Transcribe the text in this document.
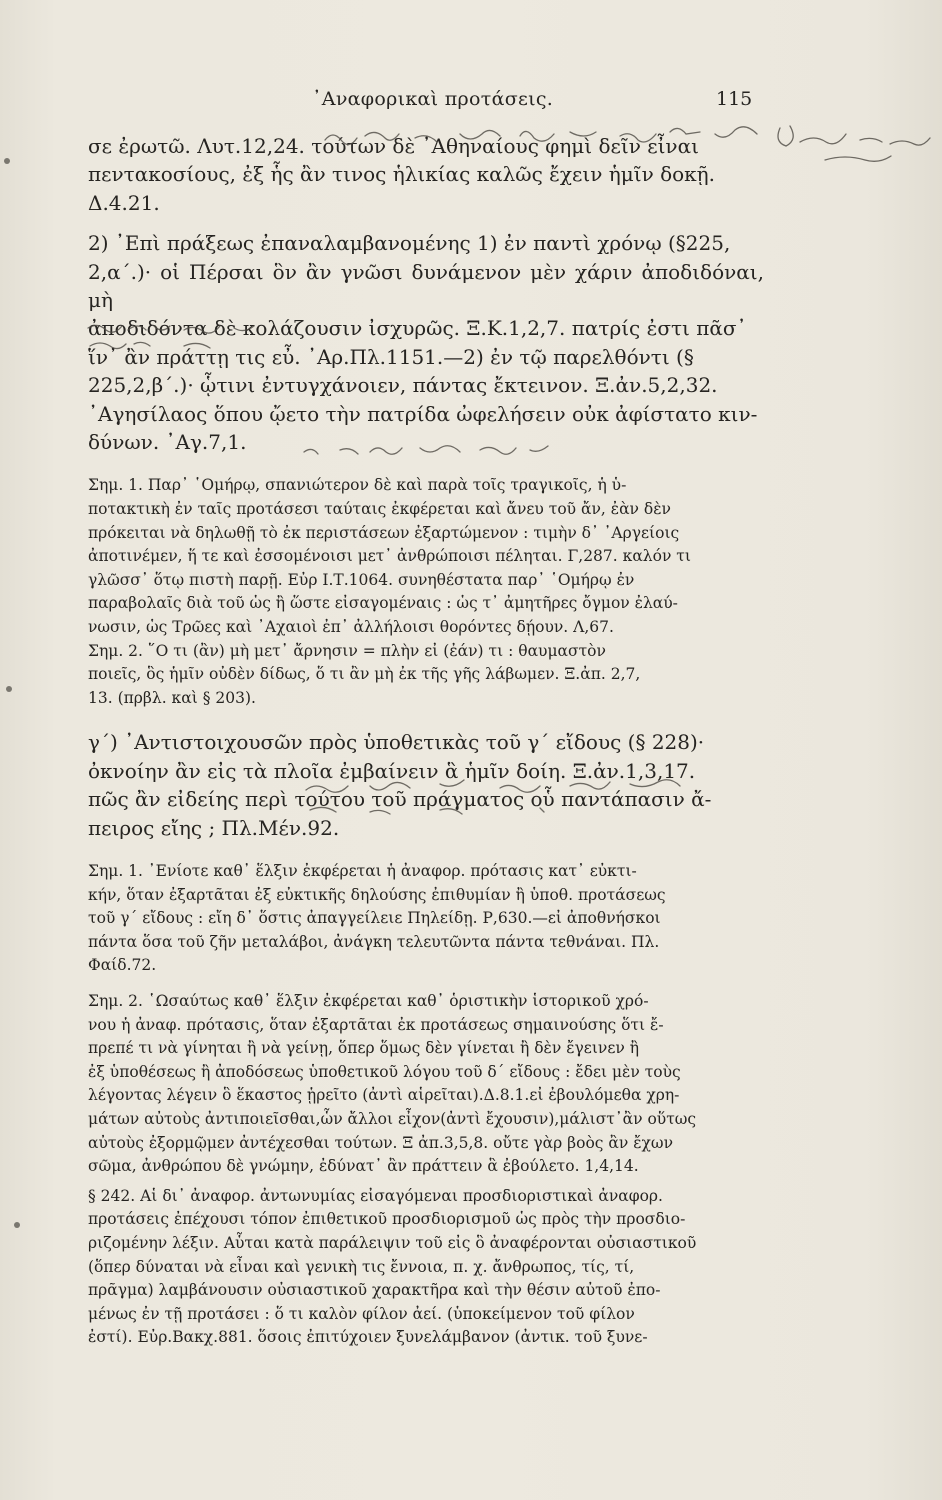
᾿Αναφορικαὶ προτάσεις.	115

σε ἐρωτῶ. Λυτ.12,24. τούτων δὲ ᾿Αθηναίους φημὶ δεῖν εἶναι
πεντακοσίους, ἐξ ἧς ἂν τινος ἡλικίας καλῶς ἔχειν ἡμῖν δοκῇ.
Δ.4.21.

2) ᾿Επὶ πράξεως ἐπαναλαμβανομένης 1) ἐν παντὶ χρόνῳ (§225,
2,α΄.)· οἱ Πέρσαι ὃν ἂν γνῶσι δυνάμενον μὲν χάριν ἀποδιδόναι, μὴ
ἀποδιδόντα δὲ κολάζουσιν ἰσχυρῶς. Ξ.Κ.1,2,7. πατρίς ἐστι πᾶσ᾿
ἵν᾿ ἂν πράττῃ τις εὖ. ᾿Αρ.Πλ.1151.—2) ἐν τῷ παρελθόντι (§
225,2,β΄.)· ᾧτινι ἐντυγχάνοιεν, πάντας ἔκτεινον. Ξ.ἀν.5,2,32.
᾿Αγησίλαος ὅπου ᾤετο τὴν πατρίδα ὠφελήσειν οὐκ ἀφίστατο κιν-
δύνων. ᾿Αγ.7,1.

Σημ. 1. Παρ᾿ ῾Ομήρῳ, σπανιώτερον δὲ καὶ παρὰ τοῖς τραγικοῖς, ἡ ὑ-
ποτακτικὴ ἐν ταῖς προτάσεσι ταύταις ἐκφέρεται καὶ ἄνευ τοῦ ἄν, ἐὰν δὲν
πρόκειται νὰ δηλωθῇ τὸ ἐκ περιστάσεων ἐξαρτώμενον : τιμὴν δ᾿ ᾿Αργείοις
ἀποτινέμεν, ἥ τε καὶ ἐσσομένοισι μετ᾿ ἀνθρώποισι πέληται. Γ,287. καλόν τι
γλῶσσ᾿ ὅτῳ πιστὴ παρῇ. Εὐρ Ι.Τ.1064. συνηθέστατα παρ᾿ ῾Ομήρῳ ἐν
παραβολαῖς διὰ τοῦ ὡς ἢ ὥστε εἰσαγομέναις : ὡς τ᾿ ἀμητῆρες ὄγμον ἐλαύ-
νωσιν, ὡς Τρῶες καὶ ᾿Αχαιοὶ ἐπ᾿ ἀλλήλοισι θορόντες δῄουν. Λ,67.

Σημ. 2. ῞Ο τι (ἂν) μὴ μετ᾿ ἄρνησιν = πλὴν εἰ (ἐάν) τι : θαυμαστὸν
ποιεῖς, ὃς ἡμῖν οὐδὲν δίδως, ὅ τι ἂν μὴ ἐκ τῆς γῆς λάβωμεν. Ξ.ἀπ. 2,7,
13. (πρβλ. καὶ § 203).

γ΄) ᾿Αντιστοιχουσῶν πρὸς ὑποθετικὰς τοῦ γ΄ εἴδους (§ 228)·
ὀκνοίην ἂν εἰς τὰ πλοῖα ἐμβαίνειν ἃ ἡμῖν δοίη. Ξ.ἀν.1,3,17.
πῶς ἂν εἰδείης περὶ τούτου τοῦ πράγματος οὗ παντάπασιν ἄ-
πειρος εἴης ; Πλ.Μέν.92.

Σημ. 1. ᾿Ενίοτε καθ᾿ ἕλξιν ἐκφέρεται ἡ ἀναφορ. πρότασις κατ᾿ εὐκτι-
κήν, ὅταν ἐξαρτᾶται ἐξ εὐκτικῆς δηλούσης ἐπιθυμίαν ἢ ὑποθ. προτάσεως
τοῦ γ΄ εἴδους : εἴη δ᾿ ὅστις ἀπαγγείλειε Πηλείδῃ. Ρ,630.—εἰ ἀποθνήσκοι
πάντα ὅσα τοῦ ζῆν μεταλάβοι, ἀνάγκη τελευτῶντα πάντα τεθνάναι. Πλ.
Φαίδ.72.

Σημ. 2. ῾Ωσαύτως καθ᾿ ἕλξιν ἐκφέρεται καθ᾿ ὁριστικὴν ἱστορικοῦ χρό-
νου ἡ ἀναφ. πρότασις, ὅταν ἐξαρτᾶται ἐκ προτάσεως σημαινούσης ὅτι ἔ-
πρεπέ τι νὰ γίνηται ἢ νὰ γείνῃ, ὅπερ ὅμως δὲν γίνεται ἢ δὲν ἔγεινεν ἢ
ἐξ ὑποθέσεως ἢ ἀποδόσεως ὑποθετικοῦ λόγου τοῦ δ΄ εἴδους : ἔδει μὲν τοὺς
λέγοντας λέγειν ὃ ἕκαστος ᾑρεῖτο (ἀντὶ αἱρεῖται).Δ.8.1.εἰ ἐβουλόμεθα χρη-
μάτων αὐτοὺς ἀντιποιεῖσθαι,ὧν ἄλλοι εἶχον(ἀντὶ ἔχουσιν),μάλιστ᾿ἂν οὕτως
αὐτοὺς ἐξορμῷμεν ἀντέχεσθαι τούτων. Ξ ἀπ.3,5,8. οὔτε γὰρ βοὸς ἂν ἔχων
σῶμα, ἀνθρώπου δὲ γνώμην, ἐδύνατ᾿ ἂν πράττειν ἃ ἐβούλετο. 1,4,14.

§ 242. Αἱ δι᾿ ἀναφορ. ἀντωνυμίας εἰσαγόμεναι προσδιοριστικαὶ ἀναφορ.
προτάσεις ἐπέχουσι τόπον ἐπιθετικοῦ προσδιορισμοῦ ὡς πρὸς τὴν προσδιο-
ριζομένην λέξιν. Αὗται κατὰ παράλειψιν τοῦ εἰς ὃ ἀναφέρονται οὐσιαστικοῦ
(ὅπερ δύναται νὰ εἶναι καὶ γενικὴ τις ἔννοια, π. χ. ἄνθρωπος, τίς, τί,
πρᾶγμα) λαμβάνουσιν οὐσιαστικοῦ χαρακτῆρα καὶ τὴν θέσιν αὐτοῦ ἐπο-
μένως ἐν τῇ προτάσει : ὅ τι καλὸν φίλον ἀεί. (ὑποκείμενον τοῦ φίλον
ἐστί). Εὐρ.Βακχ.881. ὅσοις ἐπιτύχοιεν ξυνελάμβανον (ἀντικ. τοῦ ξυνε-
